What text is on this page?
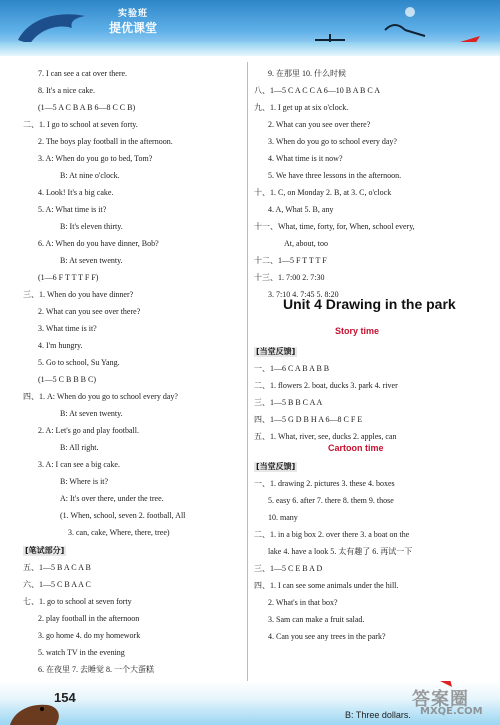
实验班
提优课堂
7. I can see a cat over there.
8. It's a nice cake.
(1—5 A C B A B 6—8 C C B)
二、1. I go to school at seven forty.
2. The boys play football in the afternoon.
3. A: When do you go to bed, Tom?
B: At nine o'clock.
4. Look! It's a big cake.
5. A: What time is it?
B: It's eleven thirty.
6. A: When do you have dinner, Bob?
B: At seven twenty.
(1—6 F T T T F F)
三、1. When do you have dinner?
2. What can you see over there?
3. What time is it?
4. I'm hungry.
5. Go to school, Su Yang.
(1—5 C B B B C)
四、1. A: When do you go to school every day?
B: At seven twenty.
2. A: Let's go and play football.
B: All right.
3. A: I can see a big cake.
B: Where is it?
A: It's over there, under the tree.
(1. When, school, seven 2. football, All
3. can, cake, Where, there, tree)
五、1—5 B A C A B
六、1—5 C B A A C
七、1. go to school at seven forty
2. play football in the afternoon
3. go home 4. do my homework
5. watch TV in the evening
6. 在夜里 7. 去睡觉 8. 一个大蛋糕
[笔试部分]
9. 在那里 10. 什么时候
八、1—5 C A C C A 6—10 B A B C A
九、1. I get up at six o'clock.
2. What can you see over there?
3. When do you go to school every day?
4. What time is it now?
5. We have three lessons in the afternoon.
十、1. C, on Monday 2. B, at 3. C, o'clock
4. A, What 5. B, any
十一、What, time, forty, for, When, school every,
At, about, too
十二、1—5 F T T T F
十三、1. 7:00 2. 7:30
3. 7:10 4. 7:45 5. 8:20
一、1—6 C A B A B B
二、1. flowers 2. boat, ducks 3. park 4. river
三、1—5 B B C A A
四、1—5 G D B H A 6—8 C F E
五、1. What, river, see, ducks 2. apples, can
一、1. drawing 2. pictures 3. these 4. boxes
5. easy 6. after 7. there 8. them 9. those
10. many
二、1. in a big box 2. over there 3. a boat on the
lake 4. have a look 5. 太有趣了 6. 再试一下
三、1—5 C E B A D
四、1. I can see some animals under the hill.
2. What's in that box?
3. Sam can make a fruit salad.
4. Can you see any trees in the park?
[当堂反馈]
[当堂反馈]
Unit 4 Drawing in the park
Story time
Cartoon time
154
B: Three dollars.
答案圈
MXQE.COM
